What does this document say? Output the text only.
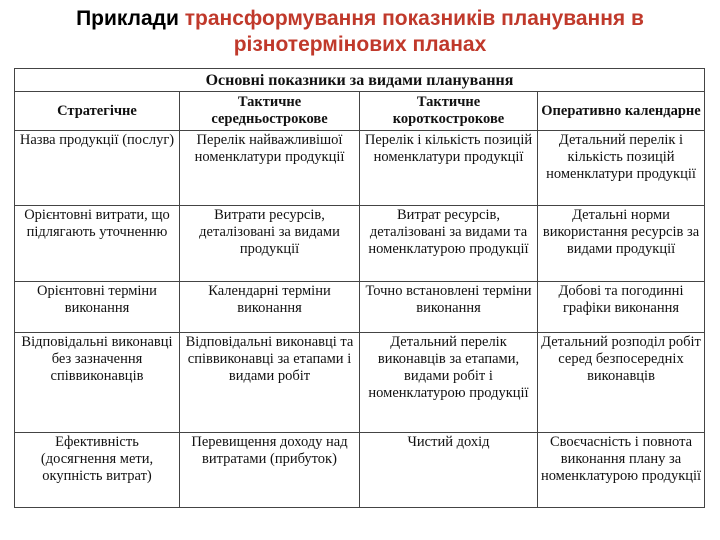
Приклади трансформування показників планування в
різнотермінових планах
Основні показники за видами планування			
Стратегічне	Тактичне середньострокове	Тактичне короткострокове	Оперативно календарне
Назва продукції (послуг)	Перелік найважливішої номенклатури продукції	Перелік і кількість позицій номенклатури продукції	Детальний перелік і кількість позицій номенклатури продукції
Орієнтовні витрати, що підлягають уточненню	Витрати ресурсів, деталізовані за видами продукції	Витрат ресурсів, деталізовані за видами та номенклатурою продукції	Детальні норми використання ресурсів за видами продукції
Орієнтовні терміни виконання	Календарні терміни виконання	Точно встановлені терміни виконання	Добові та погодинні графіки виконання
Відповідальні виконавці без зазначення співвиконавців	Відповідальні виконавці та співвиконавці за етапами і видами робіт	Детальний перелік виконавців за етапами, видами робіт і номенклатурою продукції	Детальний розподіл робіт серед безпосередніх виконавців
Ефективність (досягнення мети, окупність витрат)	Перевищення доходу над витратами (прибуток)	Чистий дохід	Своєчасність і повнота виконання плану за номенклатурою продукції
